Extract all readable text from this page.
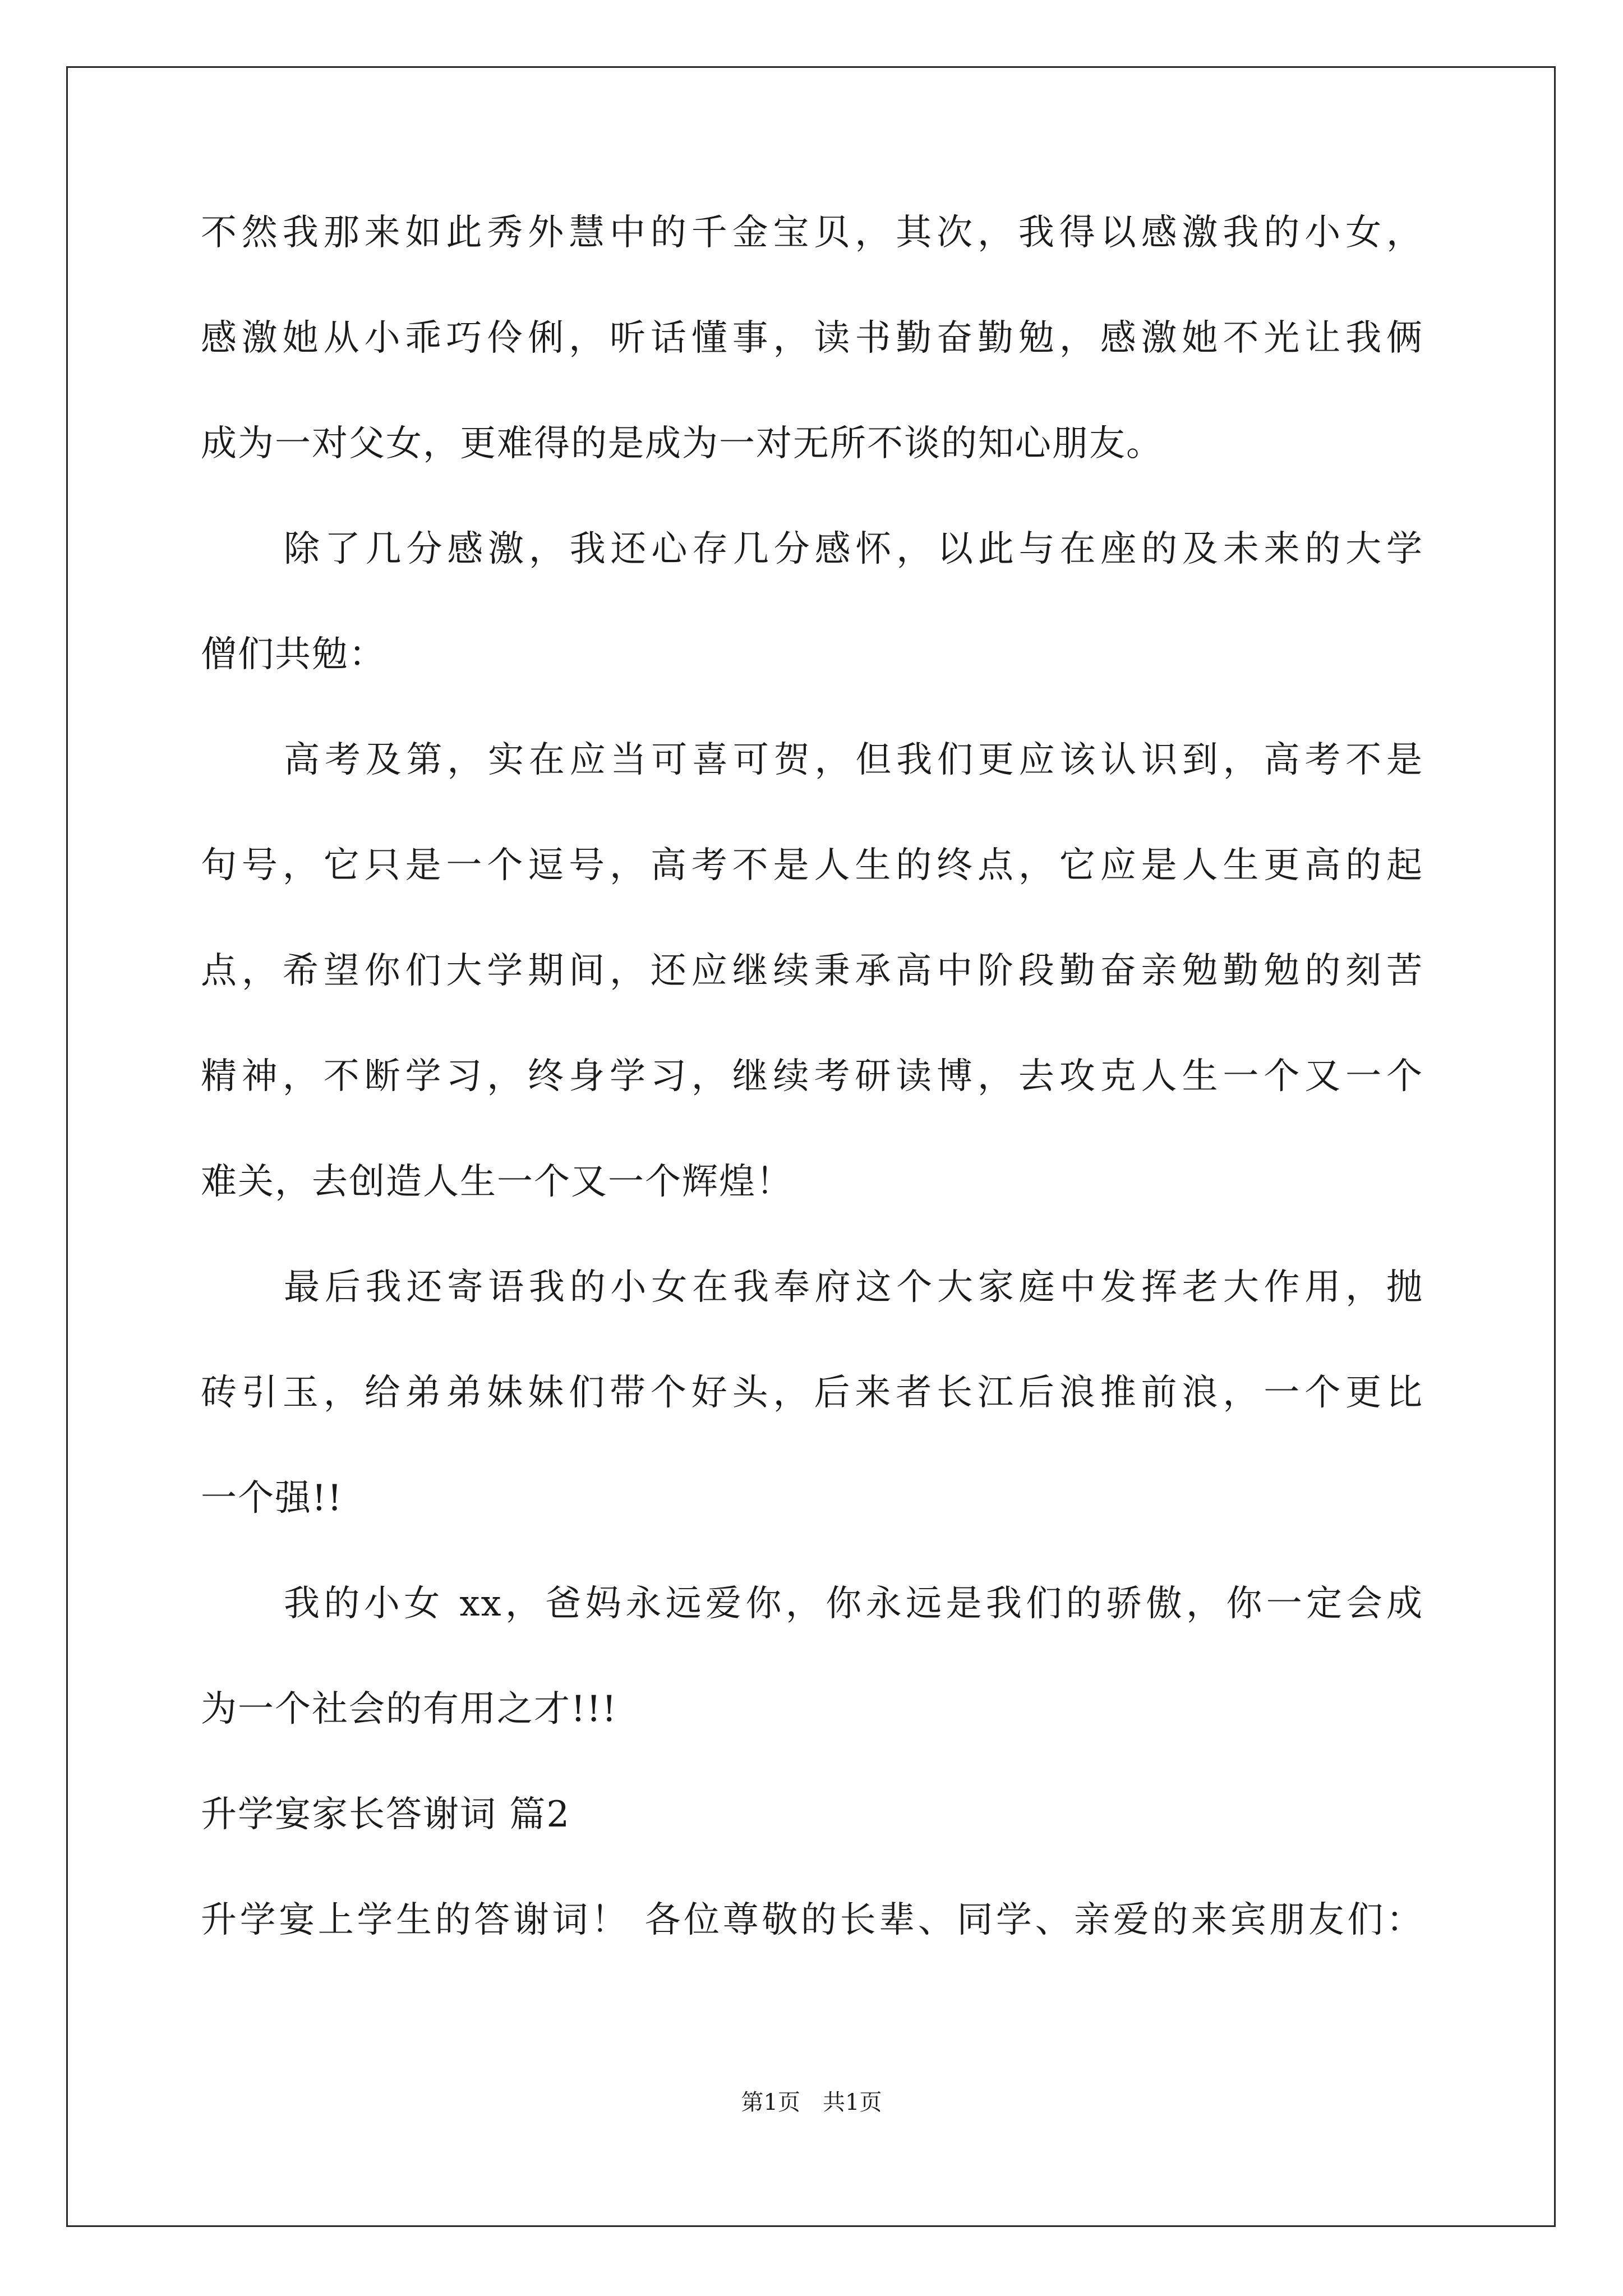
不然我那来如此秀外慧中的千金宝贝，其次，我得以感激我的小女，
感激她从小乖巧伶俐，听话懂事，读书勤奋勤勉，感激她不光让我俩
成为一对父女，更难得的是成为一对无所不谈的知心朋友。
除了几分感激，我还心存几分感怀，以此与在座的及未来的大学
僧们共勉：
高考及第，实在应当可喜可贺，但我们更应该认识到，高考不是
句号，它只是一个逗号，高考不是人生的终点，它应是人生更高的起
点，希望你们大学期间，还应继续秉承高中阶段勤奋亲勉勤勉的刻苦
精神，不断学习，终身学习，继续考研读博，去攻克人生一个又一个
难关，去创造人生一个又一个辉煌！
最后我还寄语我的小女在我奉府这个大家庭中发挥老大作用，抛
砖引玉，给弟弟妹妹们带个好头，后来者长江后浪推前浪，一个更比
一个强!!
我的小女 xx，爸妈永远爱你，你永远是我们的骄傲，你一定会成
为一个社会的有用之才!!!
升学宴家长答谢词 篇2
升学宴上学生的答谢词！ 各位尊敬的长辈、同学、亲爱的来宾朋友们：
第1页 共1页
